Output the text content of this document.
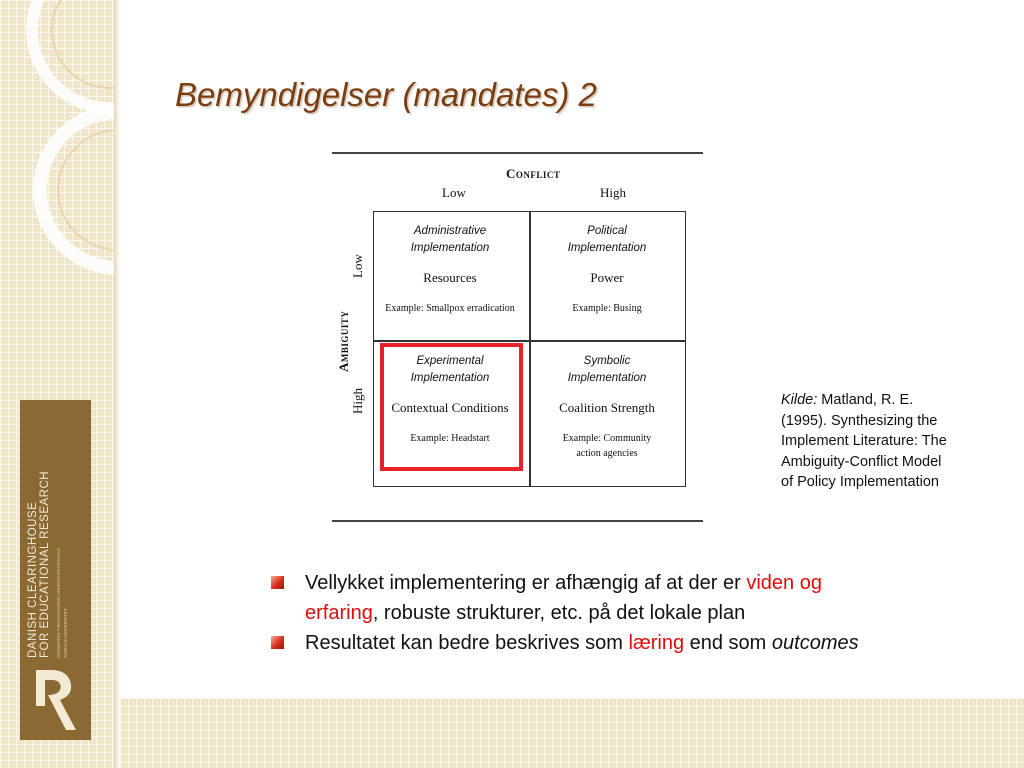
DANISH CLEARINGHOUSE FOR EDUCATIONAL RESEARCH DANMARKS PÆDAGOGISKE UNIVERSITETSSKOLE AARHUS UNIVERSITET
Bemyndigelser (mandates) 2
Conflict
Low	High
Ambiguity
Low
High
Administrative
Implementation
Resources
Example: Smallpox erradication
Political
Implementation
Power
Example: Busing
Experimental
Implementation
Contextual Conditions
Example: Headstart
Symbolic
Implementation
Coalition Strength
Example: Community
action agencies
Kilde: Matland, R. E. (1995). Synthesizing the Implement Literature: The Ambiguity-Conflict Model of Policy Implementation
Vellykket implementering er afhængig af at der er viden og erfaring, robuste strukturer, etc. på det lokale plan
Resultatet kan bedre beskrives som læring end som outcomes
